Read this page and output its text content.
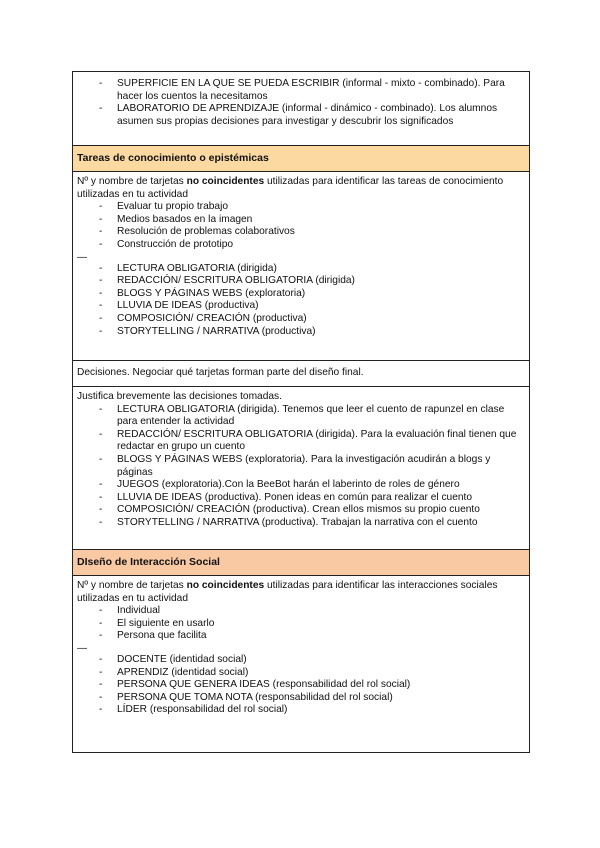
- SUPERFICIE EN LA QUE SE PUEDA ESCRIBIR (informal - mixto - combinado). Para hacer los cuentos la necesitamos
- LABORATORIO DE APRENDIZAJE (informal - dinámico - combinado). Los alumnos asumen sus propias decisiones para investigar y descubrir los significados
Tareas de conocimiento o epistémicas

Nº y nombre de tarjetas no coincidentes utilizadas para identificar las tareas de conocimiento utilizadas en tu actividad

- Evaluar tu propio trabajo
- Medios basados en la imagen
- Resolución de problemas colaborativos
- Construcción de prototipo
—
- LECTURA OBLIGATORIA (dirigida)
- REDACCIÓN/ ESCRITURA OBLIGATORIA (dirigida)
- BLOGS Y PÁGINAS WEBS (exploratoria)
- LLUVIA DE IDEAS (productiva)
- COMPOSICIÓN/ CREACIÓN (productiva)
- STORYTELLING / NARRATIVA (productiva)

Decisiones. Negociar qué tarjetas forman parte del diseño final.

Justifica brevemente las decisiones tomadas.

- LECTURA OBLIGATORIA (dirigida). Tenemos que leer el cuento de rapunzel en clase para entender la actividad
- REDACCIÓN/ ESCRITURA OBLIGATORIA (dirigida). Para la evaluación final tienen que redactar en grupo un cuento
- BLOGS Y PÁGINAS WEBS (exploratoria). Para la investigación acudirán a blogs y páginas
- JUEGOS (exploratoria).Con la BeeBot harán el laberinto de roles de género
- LLUVIA DE IDEAS (productiva). Ponen ideas en común para realizar el cuento
- COMPOSICIÓN/ CREACIÓN (productiva). Crean ellos mismos su propio cuento
- STORYTELLING / NARRATIVA (productiva). Trabajan la narrativa con el cuento
DIseño de Interacción Social

Nº y nombre de tarjetas no coincidentes utilizadas para identificar las interacciones sociales utilizadas en tu actividad

- Individual
- El siguiente en usarlo
- Persona que facilita
—
- DOCENTE (identidad social)
- APRENDIZ (identidad social)
- PERSONA QUE GENERA IDEAS (responsabilidad del rol social)
- PERSONA QUE TOMA NOTA (responsabilidad del rol social)
- LÍDER (responsabilidad del rol social)
